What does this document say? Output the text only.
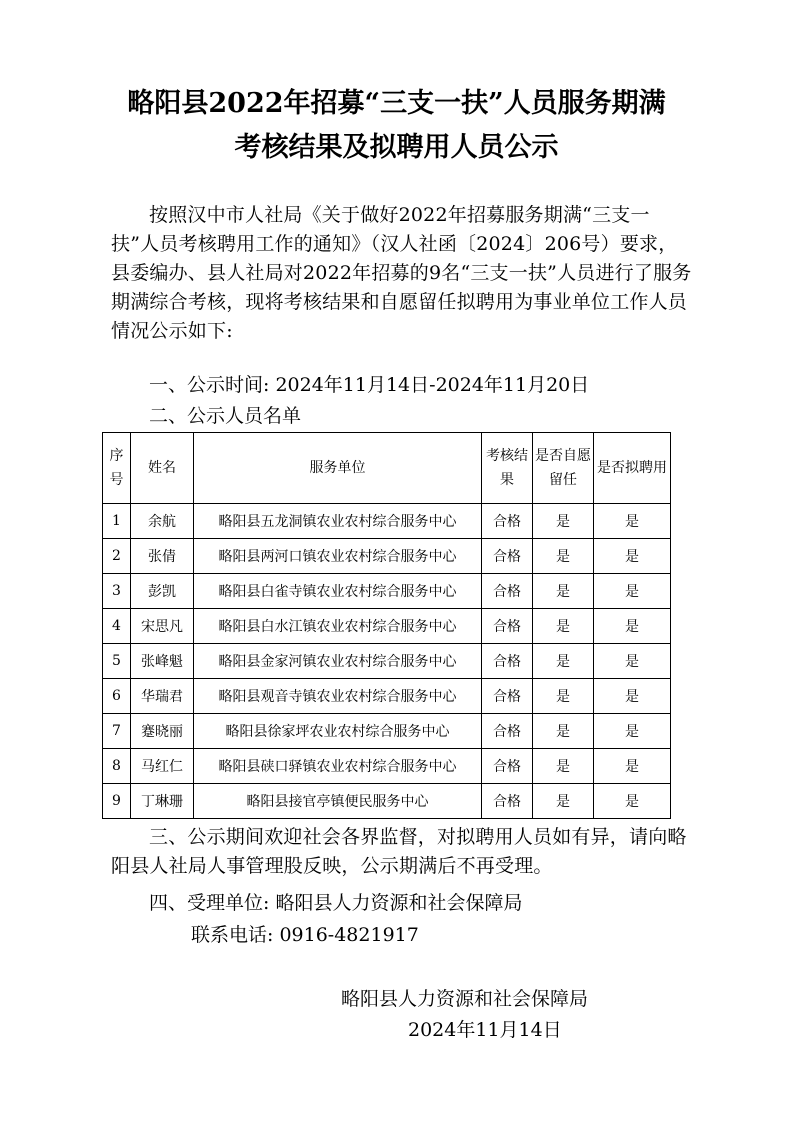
略阳县2022年招募“三支一扶”人员服务期满
考核结果及拟聘用人员公示

按照汉中市人社局《关于做好2022年招募服务期满“三支一扶”人员考核聘用工作的通知》（汉人社函〔2024〕206号）要求，县委编办、县人社局对2022年招募的9名“三支一扶”人员进行了服务期满综合考核，现将考核结果和自愿留任拟聘用为事业单位工作人员情况公示如下:

一、公示时间: 2024年11月14日-2024年11月20日
二、公示人员名单
序号	姓名	服务单位	考核结果	是否自愿留任	是否拟聘用
1	余航	略阳县五龙洞镇农业农村综合服务中心	合格	是	是
2	张倩	略阳县两河口镇农业农村综合服务中心	合格	是	是
3	彭凯	略阳县白雀寺镇农业农村综合服务中心	合格	是	是
4	宋思凡	略阳县白水江镇农业农村综合服务中心	合格	是	是
5	张峰魁	略阳县金家河镇农业农村综合服务中心	合格	是	是
6	华瑞君	略阳县观音寺镇农业农村综合服务中心	合格	是	是
7	蹇晓丽	略阳县徐家坪农业农村综合服务中心	合格	是	是
8	马红仁	略阳县硖口驿镇农业农村综合服务中心	合格	是	是
9	丁琳珊	略阳县接官亭镇便民服务中心	合格	是	是

三、公示期间欢迎社会各界监督，对拟聘用人员如有异，请向略阳县人社局人事管理股反映，公示期满后不再受理。

四、受理单位: 略阳县人力资源和社会保障局
联系电话: 0916-4821917
略阳县人力资源和社会保障局
2024年11月14日
